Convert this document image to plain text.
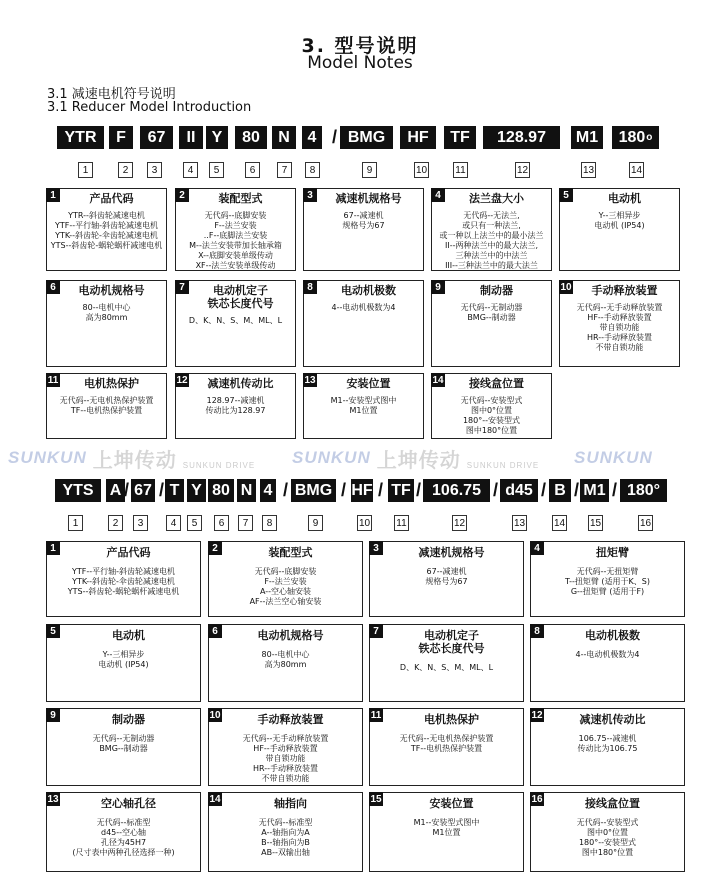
3. 型号说明
Model Notes
3.1 减速电机符号说明
3.1 Reducer Model Introduction
YTR F 67 II Y 80 N 4 BMG HF TF 128.97 M1 180 o
/
1	2	3	4	5	6	7	8	9	10	11	12	13	14
1	产品代码
YTR--斜齿轮减速电机
YTF--平行轴-斜齿轮减速电机
YTK--斜齿轮-伞齿轮减速电机
YTS--斜齿轮-蜗轮蜗杆减速电机
2	装配型式
无代码--底脚安装
F--法兰安装
..F--底脚法兰安装
M--法兰安装带加长轴承箱
X--底脚安装单级传动
XF--法兰安装单级传动
3	减速机规格号
67--减速机
规格号为67
4	法兰盘大小
无代码--无法兰,
或只有一种法兰,
或一种以上法兰中的最小法兰
II--两种法兰中的最大法兰,
三种法兰中的中法兰
III--三种法兰中的最大法兰
5	电动机
Y--三相异步
电动机 (IP54)
6	电动机规格号
80--电机中心
高为80mm
7	电动机定子
铁芯长度代号
D、K、N、S、M、ML、L
8	电动机极数
4--电动机极数为4
9	制动器
无代码--无制动器
BMG--制动器
10	手动释放装置
无代码--无手动释放装置
HF--手动释放装置
带自锁功能
HR--手动释放装置
不带自锁功能
11	电机热保护
无代码--无电机热保护装置
TF--电机热保护装置
12	减速机传动比
128.97--减速机
传动比为128.97
13	安装位置
M1--安装型式图中
M1位置
14	接线盒位置
无代码--安装型式
图中0°位置
180°--安装型式
图中180°位置
SUNKUN 上坤传动 SUNKUN DRIVE SUNKUN 上坤传动 SUNKUN DRIVE SUNKUN
YTS A 67 T Y 80 N 4 BMG HF TF 106.75 d45 B M1 180°
/ /	/	/ / /	/ / / /
1	2	3	4	5	6	7	8	9	10	11	12	13	14 15	16
1	产品代码
YTF--平行轴-斜齿轮减速电机
YTK--斜齿轮-伞齿轮减速电机
YTS--斜齿轮-蜗轮蜗杆减速电机
2	装配型式
无代码--底脚安装
F--法兰安装
A--空心轴安装
AF--法兰空心轴安装
3	减速机规格号
67--减速机
规格号为67
4	扭矩臂
无代码--无扭矩臂
T--扭矩臂 (适用于K、S)
G--扭矩臂 (适用于F)
5	电动机
Y--三相异步
电动机 (IP54)
6	电动机规格号
80--电机中心
高为80mm
7	电动机定子
铁芯长度代号
D、K、N、S、M、ML、L
8	电动机极数
4--电动机极数为4
9	制动器
无代码--无制动器
BMG--制动器
10	手动释放装置
无代码--无手动释放装置
HF--手动释放装置
带自锁功能
HR--手动释放装置
不带自锁功能
11	电机热保护
无代码--无电机热保护装置
TF--电机热保护装置
12	减速机传动比
106.75--减速机
传动比为106.75
13	空心轴孔径
无代码--标准型
d45--空心轴
孔径为45H7
(尺寸表中两种孔径选择一种)
14	轴指向
无代码--标准型
A--轴指向为A
B--轴指向为B
AB--双输出轴
15	安装位置
M1--安装型式图中
M1位置
16	接线盒位置
无代码--安装型式
图中0°位置
180°--安装型式
图中180°位置
